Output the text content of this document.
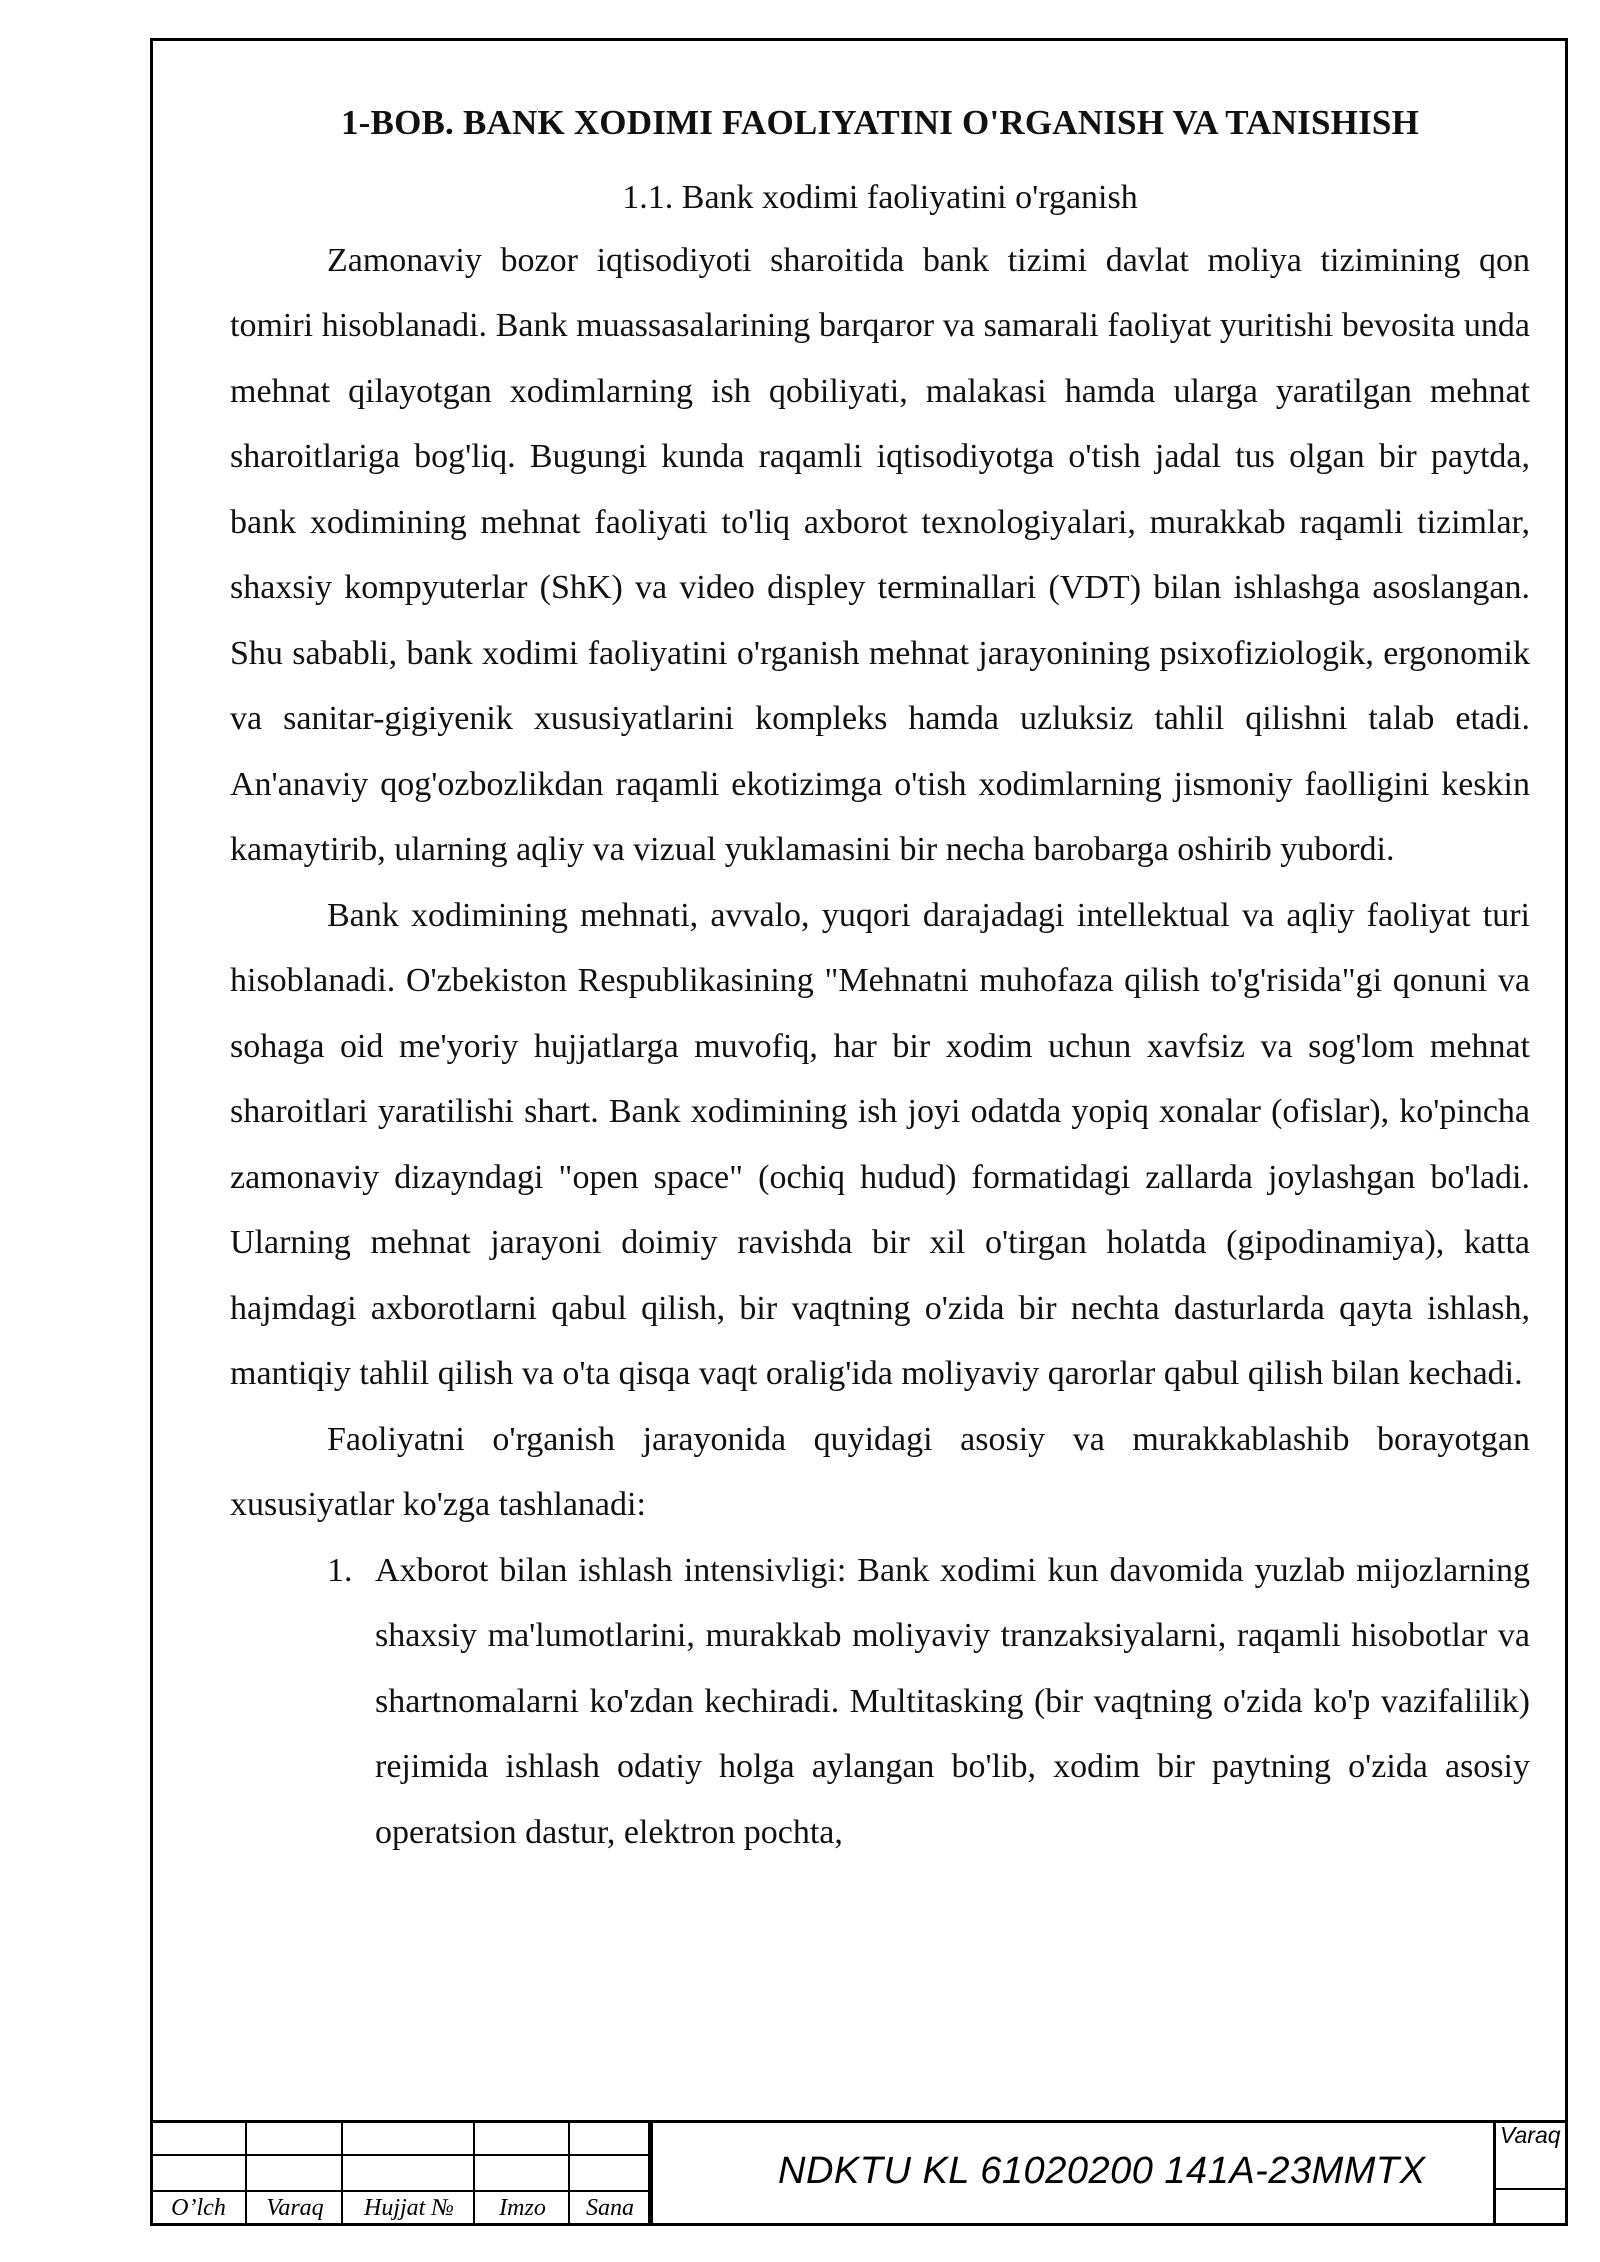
1-BOB. BANK XODIMI FAOLIYATINI O'RGANISH VA TANISHISH
1.1. Bank xodimi faoliyatini o'rganish

Zamonaviy bozor iqtisodiyoti sharoitida bank tizimi davlat moliya tizimining qon tomiri hisoblanadi. Bank muassasalarining barqaror va samarali faoliyat yuritishi bevosita unda mehnat qilayotgan xodimlarning ish qobiliyati, malakasi hamda ularga yaratilgan mehnat sharoitlariga bog'liq. Bugungi kunda raqamli iqtisodiyotga o'tish jadal tus olgan bir paytda, bank xodimining mehnat faoliyati to'liq axborot texnologiyalari, murakkab raqamli tizimlar, shaxsiy kompyuterlar (ShK) va video displey terminallari (VDT) bilan ishlashga asoslangan. Shu sababli, bank xodimi faoliyatini o'rganish mehnat jarayonining psixofiziologik, ergonomik va sanitar-gigiyenik xususiyatlarini kompleks hamda uzluksiz tahlil qilishni talab etadi. An'anaviy qog'ozbozlikdan raqamli ekotizimga o'tish xodimlarning jismoniy faolligini keskin kamaytirib, ularning aqliy va vizual yuklamasini bir necha barobarga oshirib yubordi.

Bank xodimining mehnati, avvalo, yuqori darajadagi intellektual va aqliy faoliyat turi hisoblanadi. O'zbekiston Respublikasining "Mehnatni muhofaza qilish to'g'risida"gi qonuni va sohaga oid me'yoriy hujjatlarga muvofiq, har bir xodim uchun xavfsiz va sog'lom mehnat sharoitlari yaratilishi shart. Bank xodimining ish joyi odatda yopiq xonalar (ofislar), ko'pincha zamonaviy dizayndagi "open space" (ochiq hudud) formatidagi zallarda joylashgan bo'ladi. Ularning mehnat jarayoni doimiy ravishda bir xil o'tirgan holatda (gipodinamiya), katta hajmdagi axborotlarni qabul qilish, bir vaqtning o'zida bir nechta dasturlarda qayta ishlash, mantiqiy tahlil qilish va o'ta qisqa vaqt oralig'ida moliyaviy qarorlar qabul qilish bilan kechadi.

Faoliyatni o'rganish jarayonida quyidagi asosiy va murakkablashib borayotgan xususiyatlar ko'zga tashlanadi:

1. Axborot bilan ishlash intensivligi: Bank xodimi kun davomida yuzlab mijozlarning shaxsiy ma'lumotlarini, murakkab moliyaviy tranzaksiyalarni, raqamli hisobotlar va shartnomalarni ko'zdan kechiradi. Multitasking (bir vaqtning o'zida ko'p vazifalilik) rejimida ishlash odatiy holga aylangan bo'lib, xodim bir paytning o'zida asosiy operatsion dastur, elektron pochta,
O’lch	Varaq	Hujjat №	Imzo	Sana
NDKTU KL 61020200 141A-23MMTX
Varaq
